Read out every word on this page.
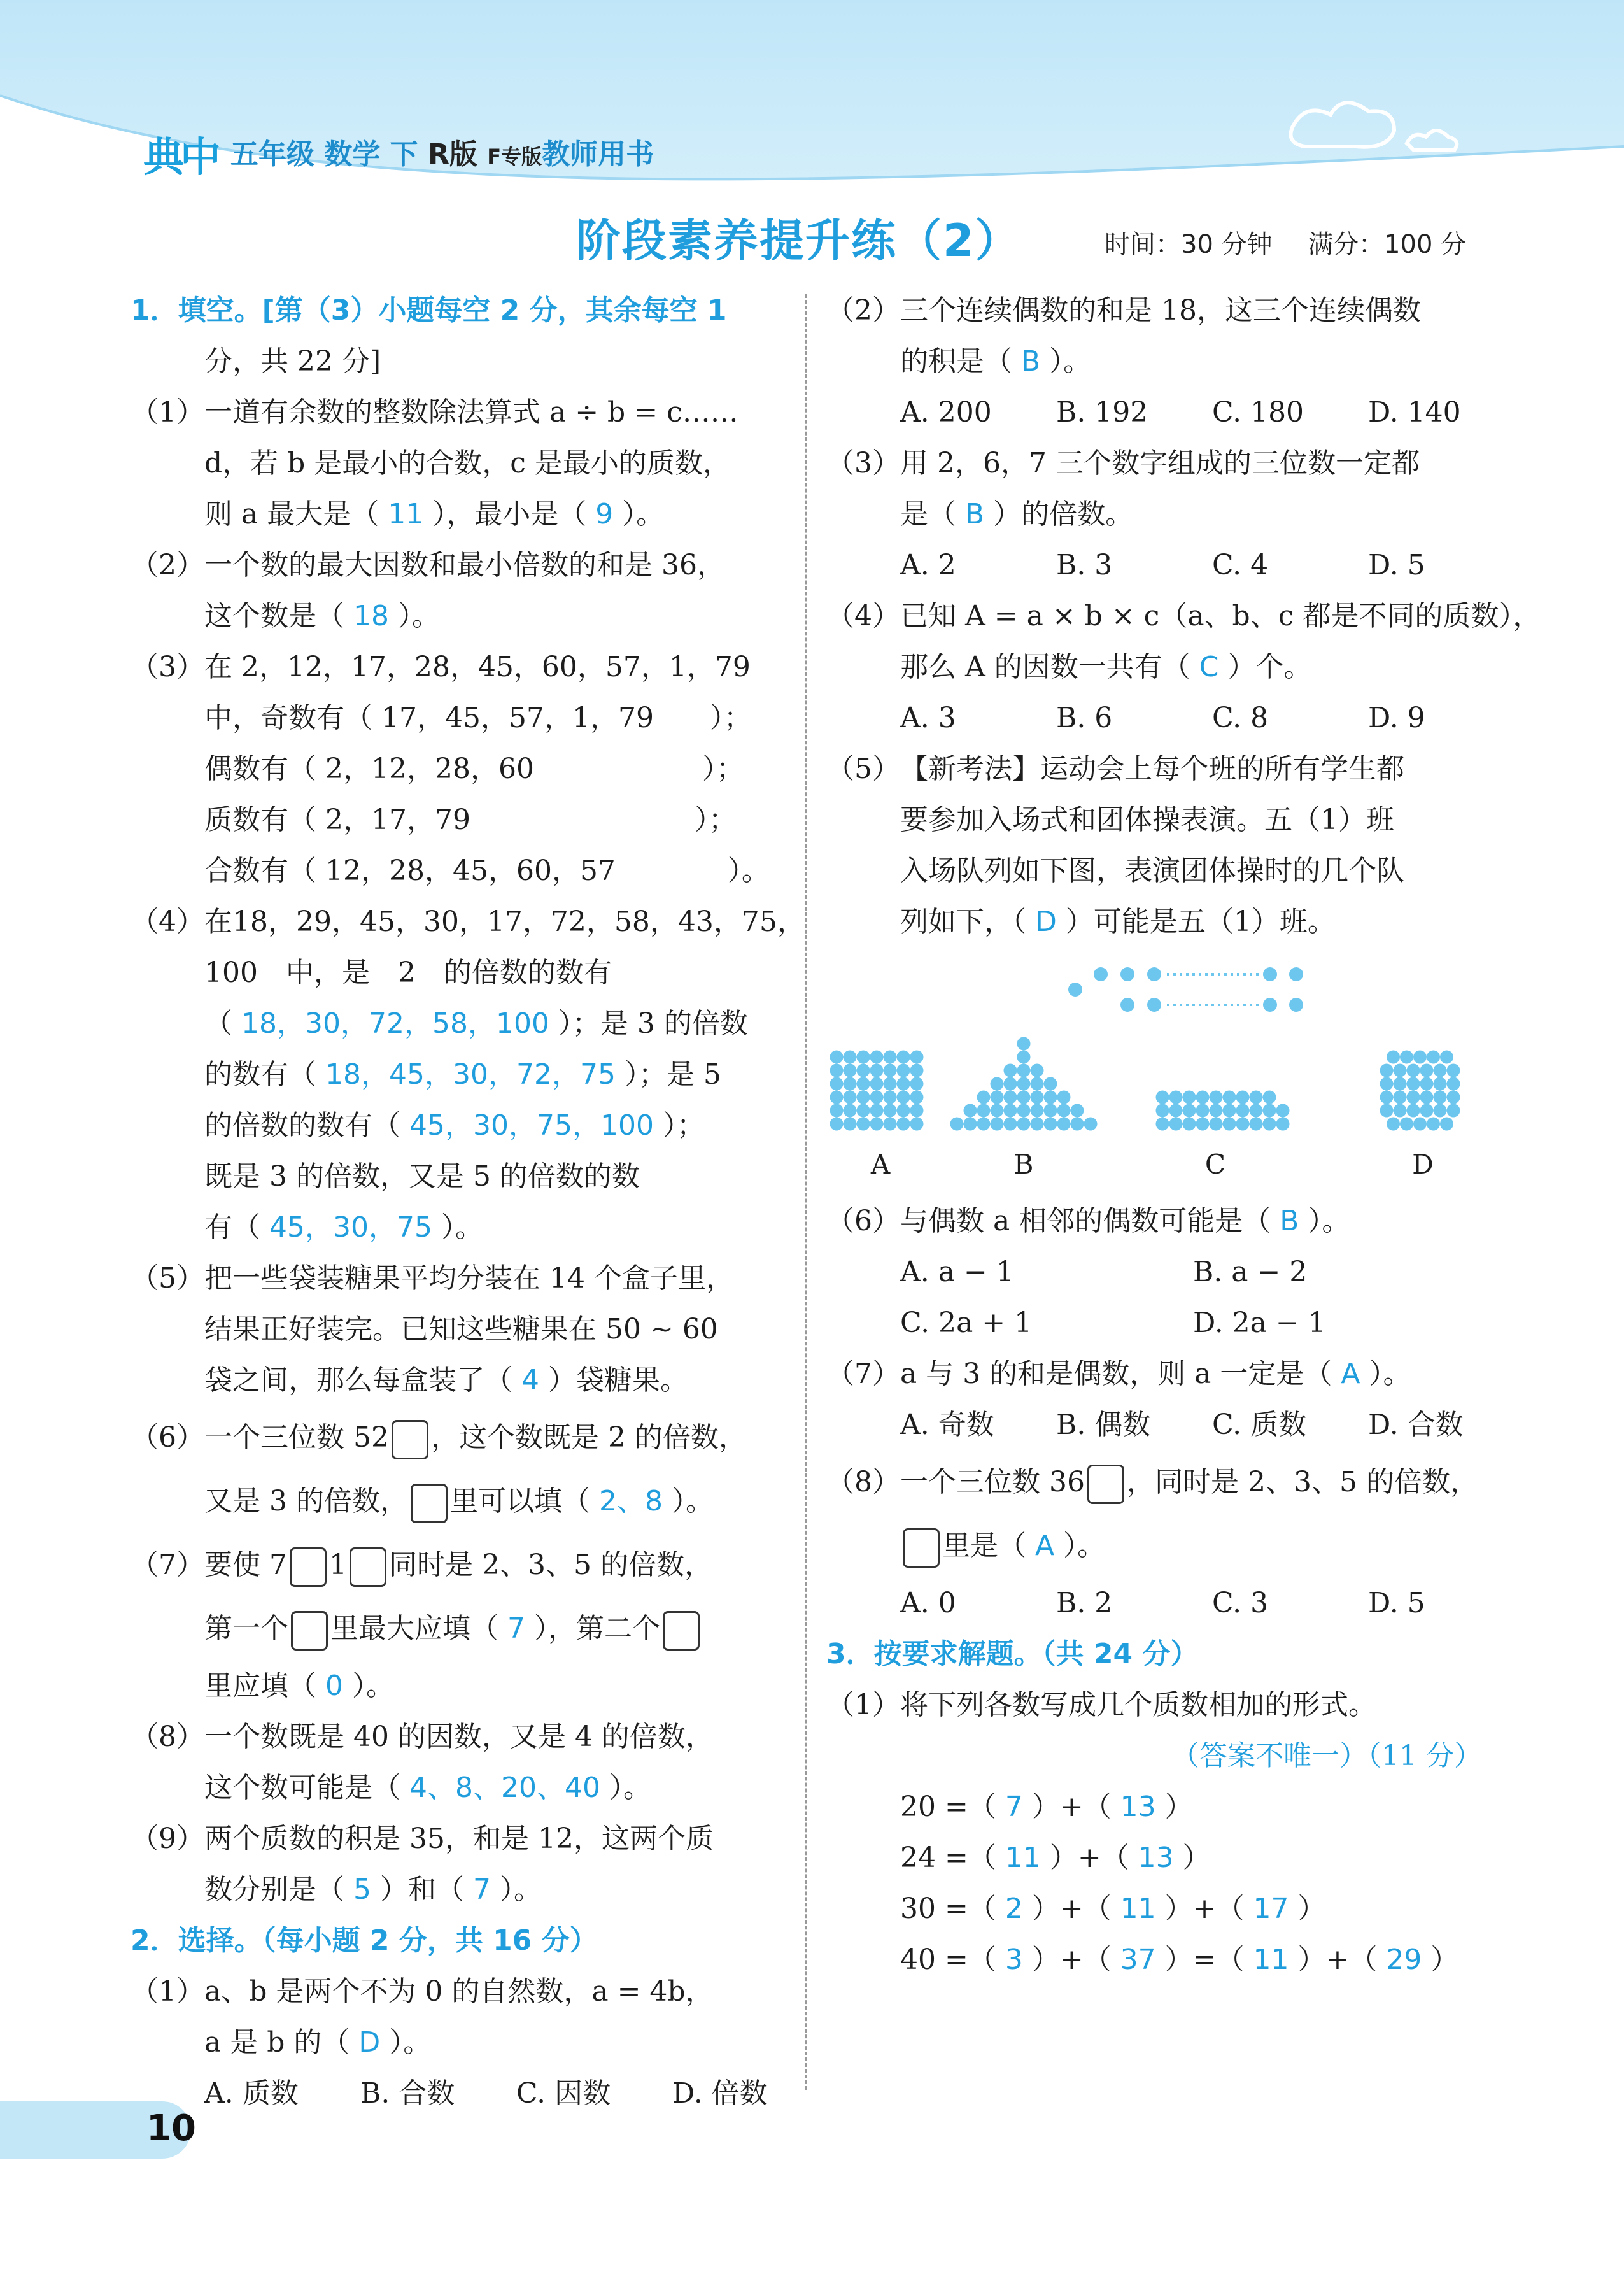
典中 五年级 数学 下 R版 F专版教师用书
阶段素养提升练（2）	时间：30 分钟 满分：100 分
1．填空。[第（3）小题每空 2 分，其余每空 1
分，共 22 分]
（1） 一道有余数的整数除法算式 a ÷ b = c……
d，若 b 是最小的合数，c 是最小的质数，
则 a 最大是（ 11 ），最小是（ 9 ）。
（2） 一个数的最大因数和最小倍数的和是 36，
这个数是（ 18 ）。
（3） 在 2，12，17，28，45，60，57，1，79
中，奇数有（ 17，45，57，1，79　　）；
偶数有（ 2，12，28，60　　　　　　）；
质数有（ 2，17，79　　　　　　　　）；
合数有（ 12，28，45，60，57　　　　）。
（4） 在18，29，45，30，17，72，58，43，75，
100　中，是　2　的倍数的数有
（ 18，30，72，58，100 ）；是 3 的倍数
的数有（ 18，45，30，72，75 ）；是 5
的倍数的数有（ 45，30，75，100 ）；
既是 3 的倍数，又是 5 的倍数的数
有（ 45，30，75 ）。
（5） 把一些袋装糖果平均分装在 14 个盒子里，
结果正好装完。已知这些糖果在 50 ~ 60
袋之间，那么每盒装了（ 4 ）袋糖果。
（6） 一个三位数 52 ，这个数既是 2 的倍数，
又是 3 的倍数， 里可以填（ 2、8 ）。
（7） 要使 7 1 同时是 2、3、5 的倍数，
第一个 里最大应填（ 7 ），第二个
里应填（ 0 ）。
（8） 一个数既是 40 的因数，又是 4 的倍数，
这个数可能是（ 4、8、20、40 ）。
（9） 两个质数的积是 35，和是 12，这两个质
数分别是（ 5 ）和（ 7 ）。
2．选择。（每小题 2 分，共 16 分）
（1） a、b 是两个不为 0 的自然数，a = 4b，
a 是 b 的（ D ）。
A. 质数 B. 合数 C. 因数 D. 倍数
（2） 三个连续偶数的和是 18，这三个连续偶数
的积是（ B ）。
A. 200 B. 192 C. 180 D. 140
（3） 用 2，6，7 三个数字组成的三位数一定都
是（ B ）的倍数。
A. 2	B. 3	C. 4	D. 5
（4） 已知 A = a × b × c（a、b、c 都是不同的质数），
那么 A 的因数一共有（ C ）个。
A. 3	B. 6	C. 8	D. 9
（5） 【新考法】运动会上每个班的所有学生都
要参加入场式和团体操表演。五（1）班
入场队列如下图，表演团体操时的几个队
列如下，（ D ）可能是五（1）班。
A	B	C	D
（6） 与偶数 a 相邻的偶数可能是（ B ）。
A. a − 1	B. a − 2
C. 2a + 1	D. 2a − 1
（7） a 与 3 的和是偶数，则 a 一定是（ A ）。
A. 奇数 B. 偶数 C. 质数 D. 合数
（8） 一个三位数 36 ，同时是 2、3、5 的倍数，
里是（ A ）。
A. 0	B. 2	C. 3	D. 5
3．按要求解题。（共 24 分）
（1） 将下列各数写成几个质数相加的形式。
（答案不唯一）（11 分）
20 =（ 7 ）+（ 13 ）
24 =（ 11 ）+（ 13 ）
30 =（ 2 ）+（ 11 ）+（ 17 ）
40 =（ 3 ）+（ 37 ）=（ 11 ）+（ 29 ）
10
